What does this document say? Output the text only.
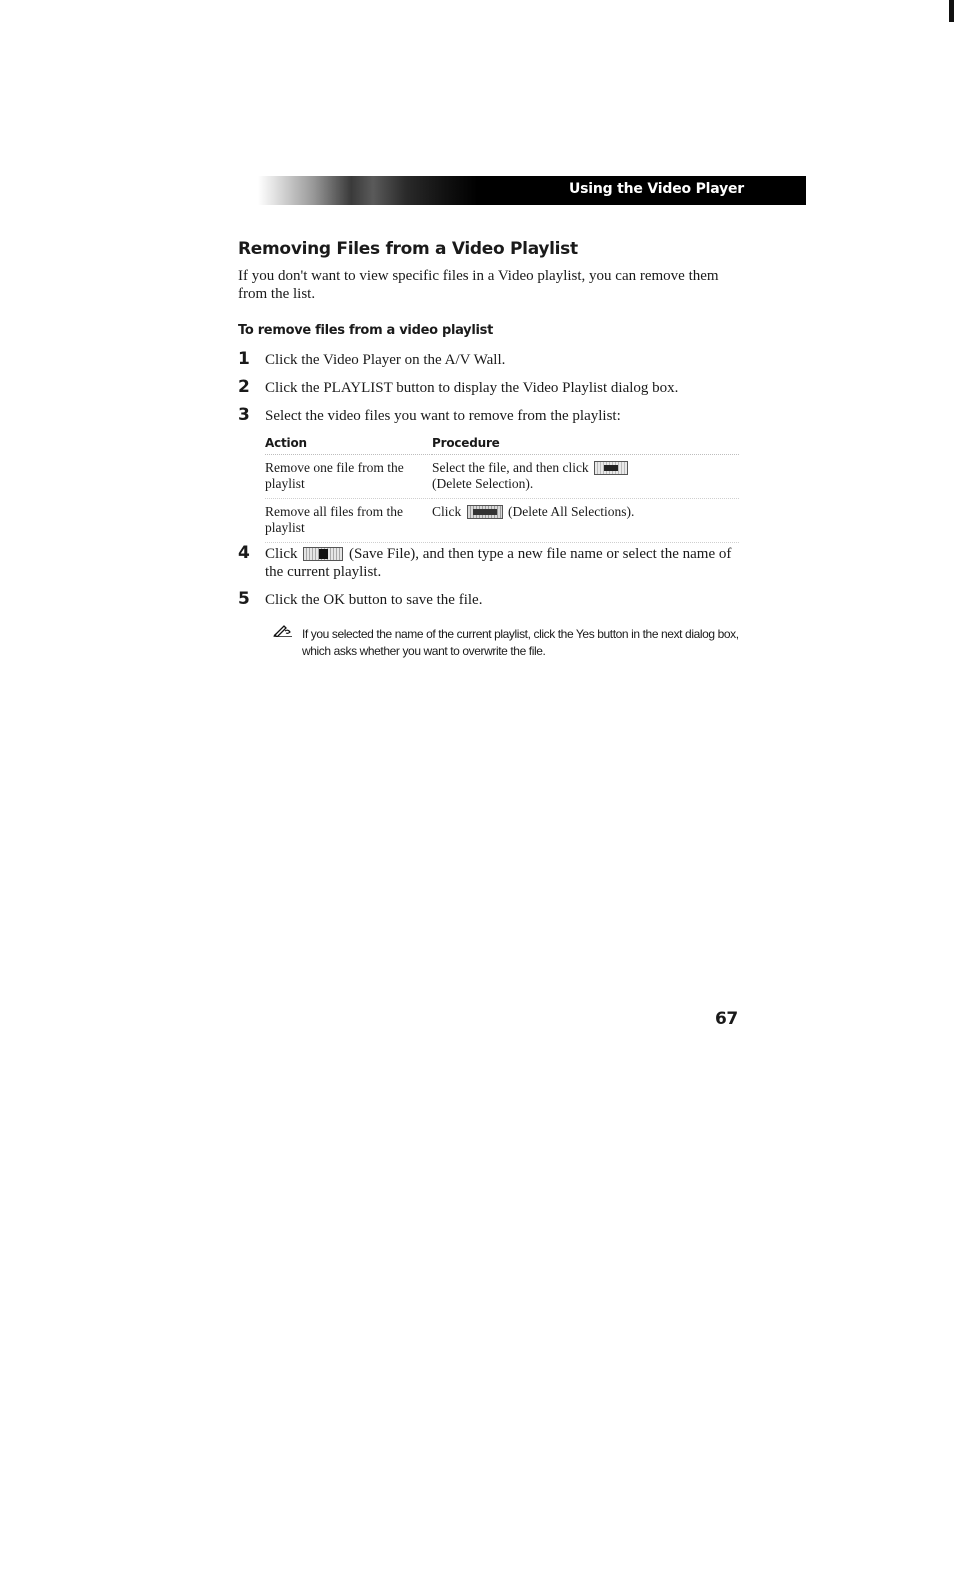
Using the Video Player
Removing Files from a Video Playlist

If you don't want to view specific files in a Video playlist, you can remove them from the list.

To remove files from a video playlist
1 Click the Video Player on the A/V Wall.
2 Click the PLAYLIST button to display the Video Playlist dialog box.
3 Select the video files you want to remove from the playlist:
Action	Procedure
Remove one file from the playlist	Select the file, and then click
(Delete Selection).
Remove all files from the playlist	Click (Delete All Selections).
4 Click	(Save File), and then type a new file name or select the name of the current playlist.
5 Click the OK button to save the file.
If you selected the name of the current playlist, click the Yes button in the next dialog box, which asks whether you want to overwrite the file.
67
